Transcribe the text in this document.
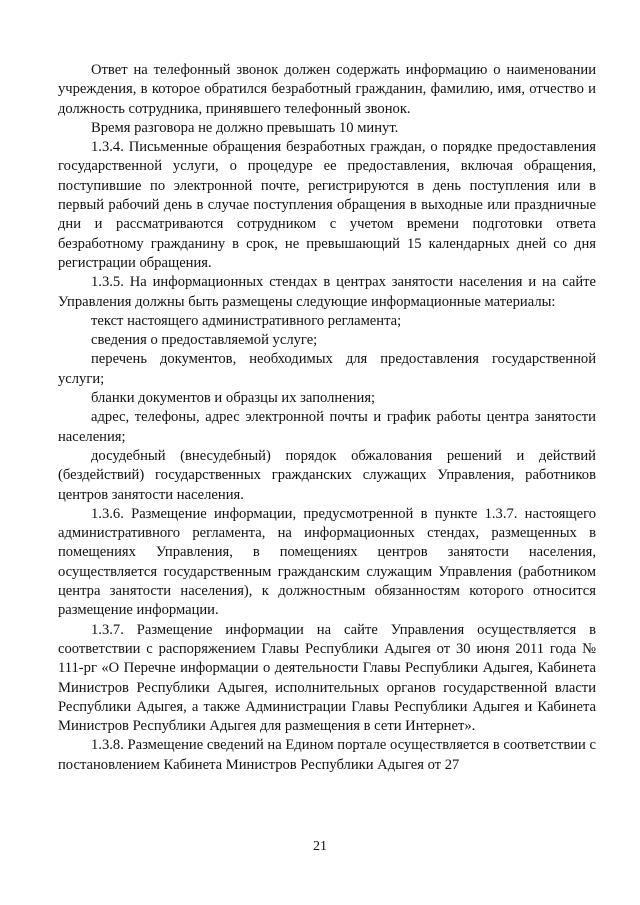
Ответ на телефонный звонок должен содержать информацию о наименовании учреждения, в которое обратился безработный гражданин, фамилию, имя, отчество и должность сотрудника, принявшего телефонный звонок.

Время разговора не должно превышать 10 минут.

1.3.4. Письменные обращения безработных граждан, о порядке предоставления государственной услуги, о процедуре ее предоставления, включая обращения, поступившие по электронной почте, регистрируются в день поступления или в первый рабочий день в случае поступления обращения в выходные или праздничные дни и рассматриваются сотрудником с учетом времени подготовки ответа безработному гражданину в срок, не превышающий 15 календарных дней со дня регистрации обращения.

1.3.5. На информационных стендах в центрах занятости населения и на сайте Управления должны быть размещены следующие информационные материалы:

текст настоящего административного регламента;

сведения о предоставляемой услуге;

перечень документов, необходимых для предоставления государственной услуги;

бланки документов и образцы их заполнения;

адрес, телефоны, адрес электронной почты и график работы центра занятости населения;

досудебный (внесудебный) порядок обжалования решений и действий (бездействий) государственных гражданских служащих Управления, работников центров занятости населения.

1.3.6. Размещение информации, предусмотренной в пункте 1.3.7. настоящего административного регламента, на информационных стендах, размещенных в помещениях Управления, в помещениях центров занятости населения, осуществляется государственным гражданским служащим Управления (работником центра занятости населения), к должностным обязанностям которого относится размещение информации.

1.3.7. Размещение информации на сайте Управления осуществляется в соответствии с распоряжением Главы Республики Адыгея от 30 июня 2011 года № 111-рг «О Перечне информации о деятельности Главы Республики Адыгея, Кабинета Министров Республики Адыгея, исполнительных органов государственной власти Республики Адыгея, а также Администрации Главы Республики Адыгея и Кабинета Министров Республики Адыгея для размещения в сети Интернет».

1.3.8. Размещение сведений на Едином портале осуществляется в соответствии с постановлением Кабинета Министров Республики Адыгея от 27

21
